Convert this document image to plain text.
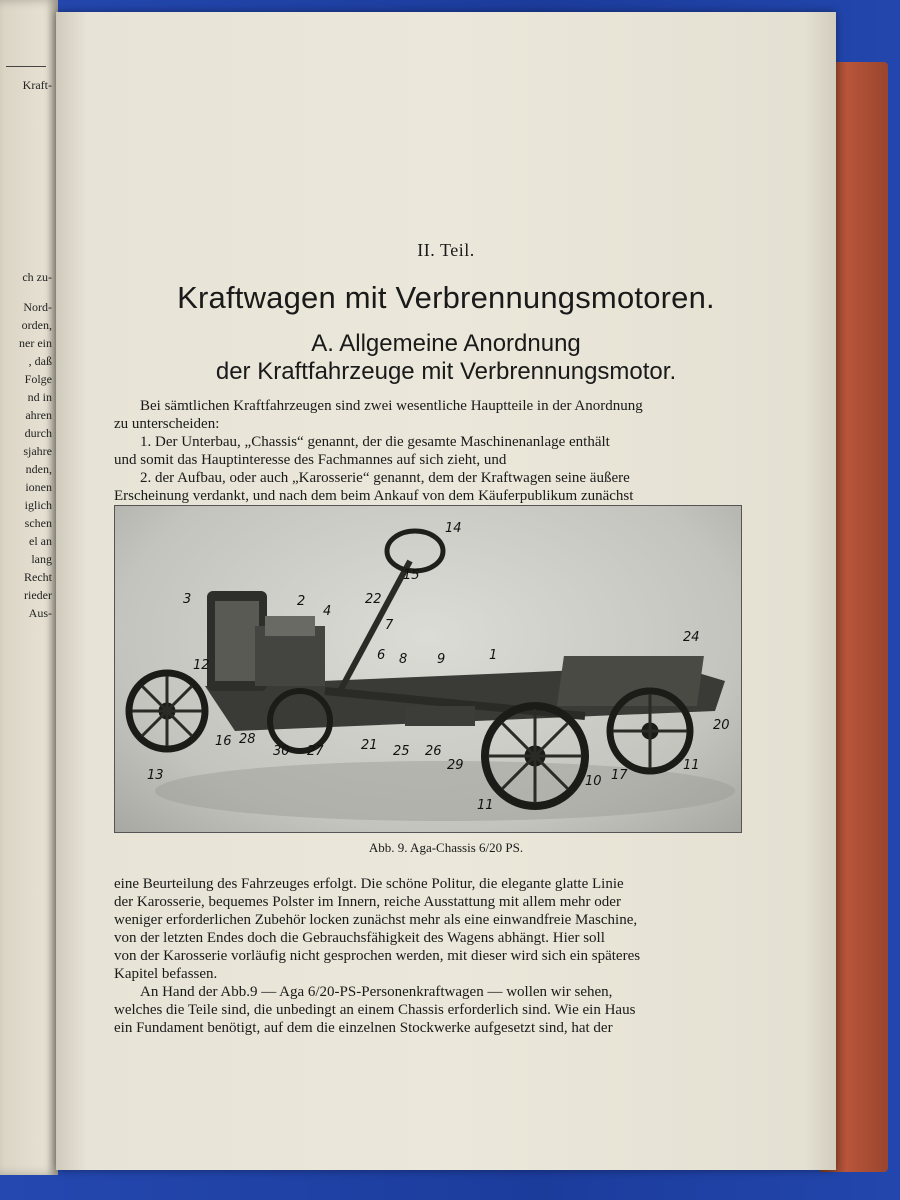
Kraft-
ch zu-
Nord-
orden,
ner ein
, daß
Folge
nd in
ahren
durch
sjahre
nden,
ionen
iglich
schen
el an
lang
Recht
rieder
Aus-
II. Teil.
Kraftwagen mit Verbrennungsmotoren.
A. Allgemeine Anordnung
der Kraftfahrzeuge mit Verbrennungsmotor.
Bei sämtlichen Kraftfahrzeugen sind zwei wesentliche Hauptteile in der Anordnung
zu unterscheiden:
1. Der Unterbau, „Chassis“ genannt, der die gesamte Maschinenanlage enthält
und somit das Hauptinteresse des Fachmannes auf sich zieht, und
2. der Aufbau, oder auch „Karosserie“ genannt, dem der Kraftwagen seine äußere
Erscheinung verdankt, und nach dem beim Ankauf von dem Käuferpublikum zunächst
14
15
3	2	22
4
7
24
6 8 9	1
12
20
16 28
30 27	21 25 26
29
10 17
11
13
11
Abb. 9. Aga-Chassis 6/20 PS.
eine Beurteilung des Fahrzeuges erfolgt. Die schöne Politur, die elegante glatte Linie
der Karosserie, bequemes Polster im Innern, reiche Ausstattung mit allem mehr oder
weniger erforderlichen Zubehör locken zunächst mehr als eine einwandfreie Maschine,
von der letzten Endes doch die Gebrauchsfähigkeit des Wagens abhängt. Hier soll
von der Karosserie vorläufig nicht gesprochen werden, mit dieser wird sich ein späteres
Kapitel befassen.
An Hand der Abb.9 — Aga 6/20-PS-Personenkraftwagen — wollen wir sehen,
welches die Teile sind, die unbedingt an einem Chassis erforderlich sind. Wie ein Haus
ein Fundament benötigt, auf dem die einzelnen Stockwerke aufgesetzt sind, hat der
